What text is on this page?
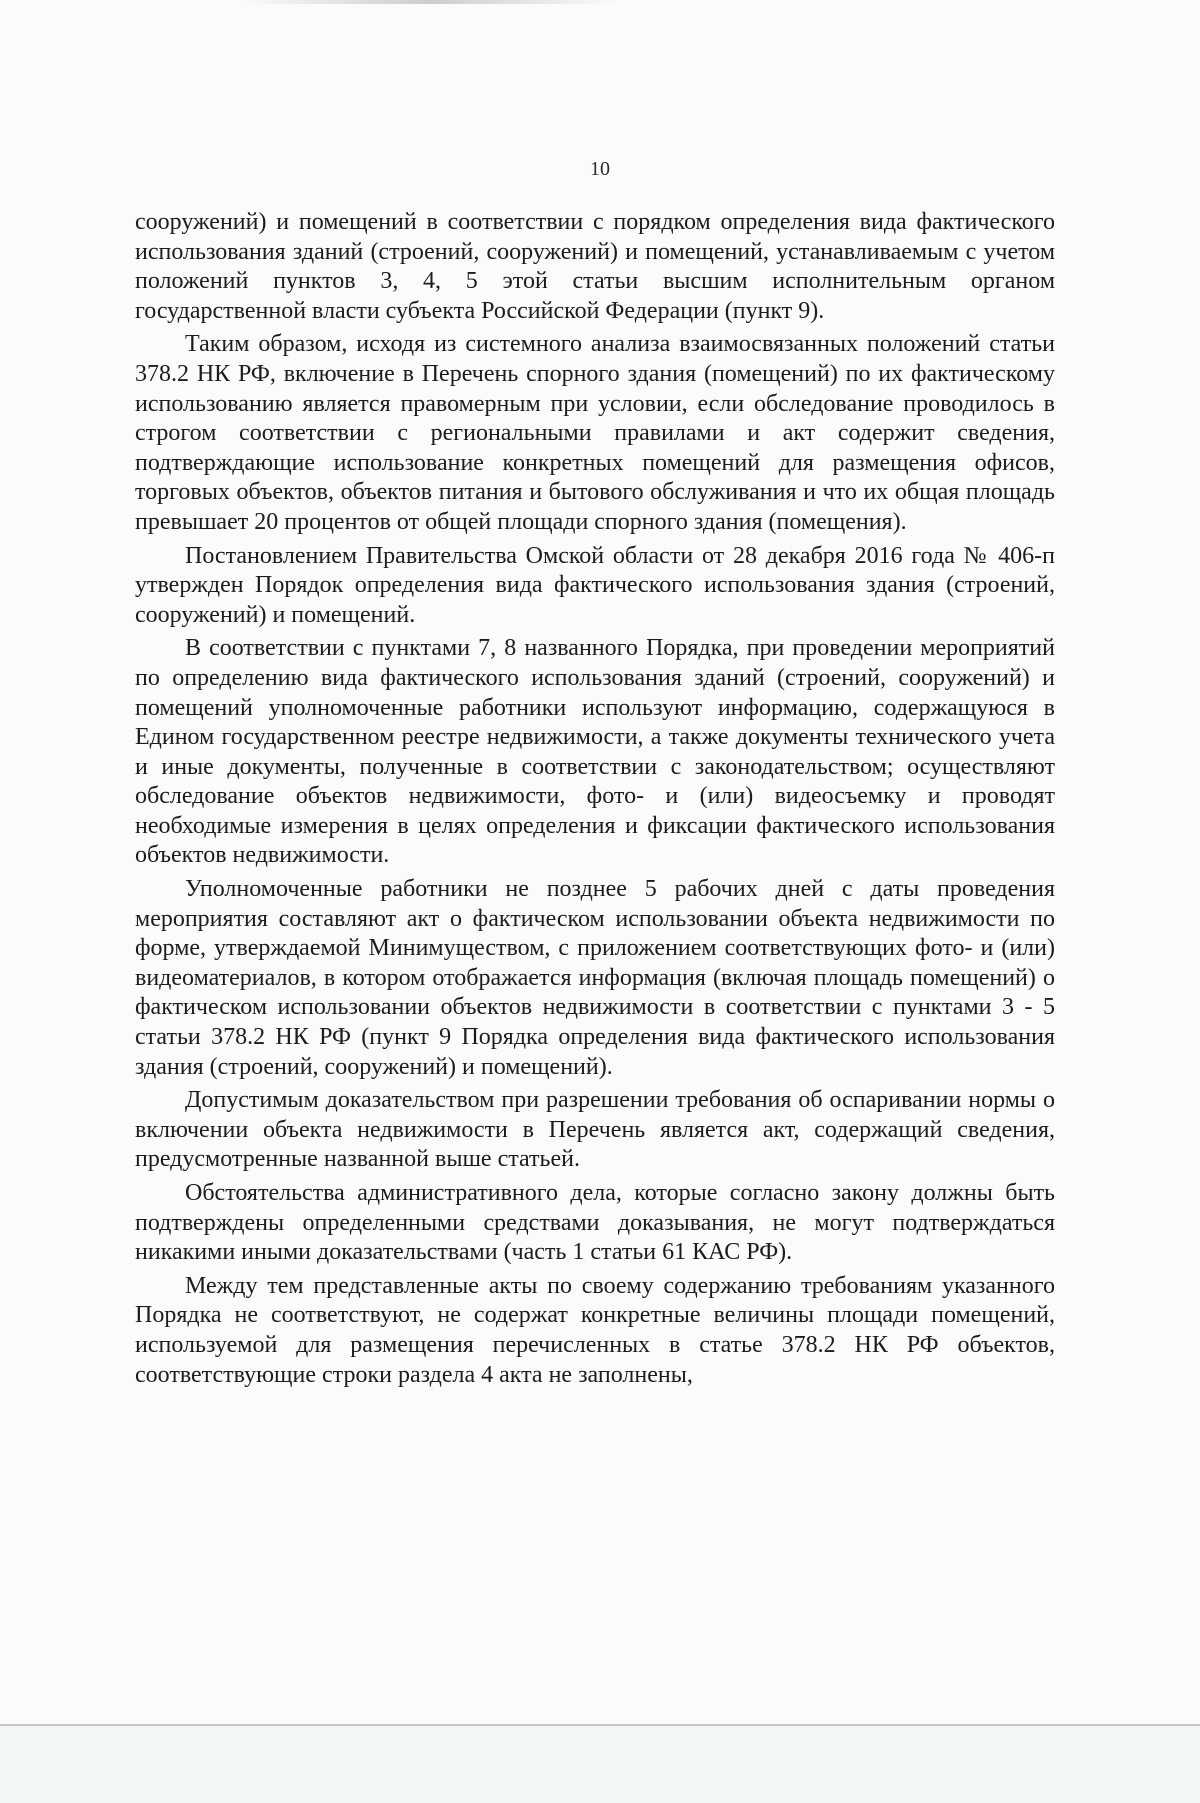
10

сооружений) и помещений в соответствии с порядком определения вида фактического использования зданий (строений, сооружений) и помещений, устанавливаемым с учетом положений пунктов 3, 4, 5 этой статьи высшим исполнительным органом государственной власти субъекта Российской Федерации (пункт 9).

Таким образом, исходя из системного анализа взаимосвязанных положений статьи 378.2 НК РФ, включение в Перечень спорного здания (помещений) по их фактическому использованию является правомерным при условии, если обследование проводилось в строгом соответствии с региональными правилами и акт содержит сведения, подтверждающие использование конкретных помещений для размещения офисов, торговых объектов, объектов питания и бытового обслуживания и что их общая площадь превышает 20 процентов от общей площади спорного здания (помещения).

Постановлением Правительства Омской области от 28 декабря 2016 года № 406-п утвержден Порядок определения вида фактического использования здания (строений, сооружений) и помещений.

В соответствии с пунктами 7, 8 названного Порядка, при проведении мероприятий по определению вида фактического использования зданий (строений, сооружений) и помещений уполномоченные работники используют информацию, содержащуюся в Едином государственном реестре недвижимости, а также документы технического учета и иные документы, полученные в соответствии с законодательством; осуществляют обследование объектов недвижимости, фото- и (или) видеосъемку и проводят необходимые измерения в целях определения и фиксации фактического использования объектов недвижимости.

Уполномоченные работники не позднее 5 рабочих дней с даты проведения мероприятия составляют акт о фактическом использовании объекта недвижимости по форме, утверждаемой Минимуществом, с приложением соответствующих фото- и (или) видеоматериалов, в котором отображается информация (включая площадь помещений) о фактическом использовании объектов недвижимости в соответствии с пунктами 3 - 5 статьи 378.2 НК РФ (пункт 9 Порядка определения вида фактического использования здания (строений, сооружений) и помещений).

Допустимым доказательством при разрешении требования об оспаривании нормы о включении объекта недвижимости в Перечень является акт, содержащий сведения, предусмотренные названной выше статьей.

Обстоятельства административного дела, которые согласно закону должны быть подтверждены определенными средствами доказывания, не могут подтверждаться никакими иными доказательствами (часть 1 статьи 61 КАС РФ).

Между тем представленные акты по своему содержанию требованиям указанного Порядка не соответствуют, не содержат конкретные величины площади помещений, используемой для размещения перечисленных в статье 378.2 НК РФ объектов, соответствующие строки раздела 4 акта не заполнены,
